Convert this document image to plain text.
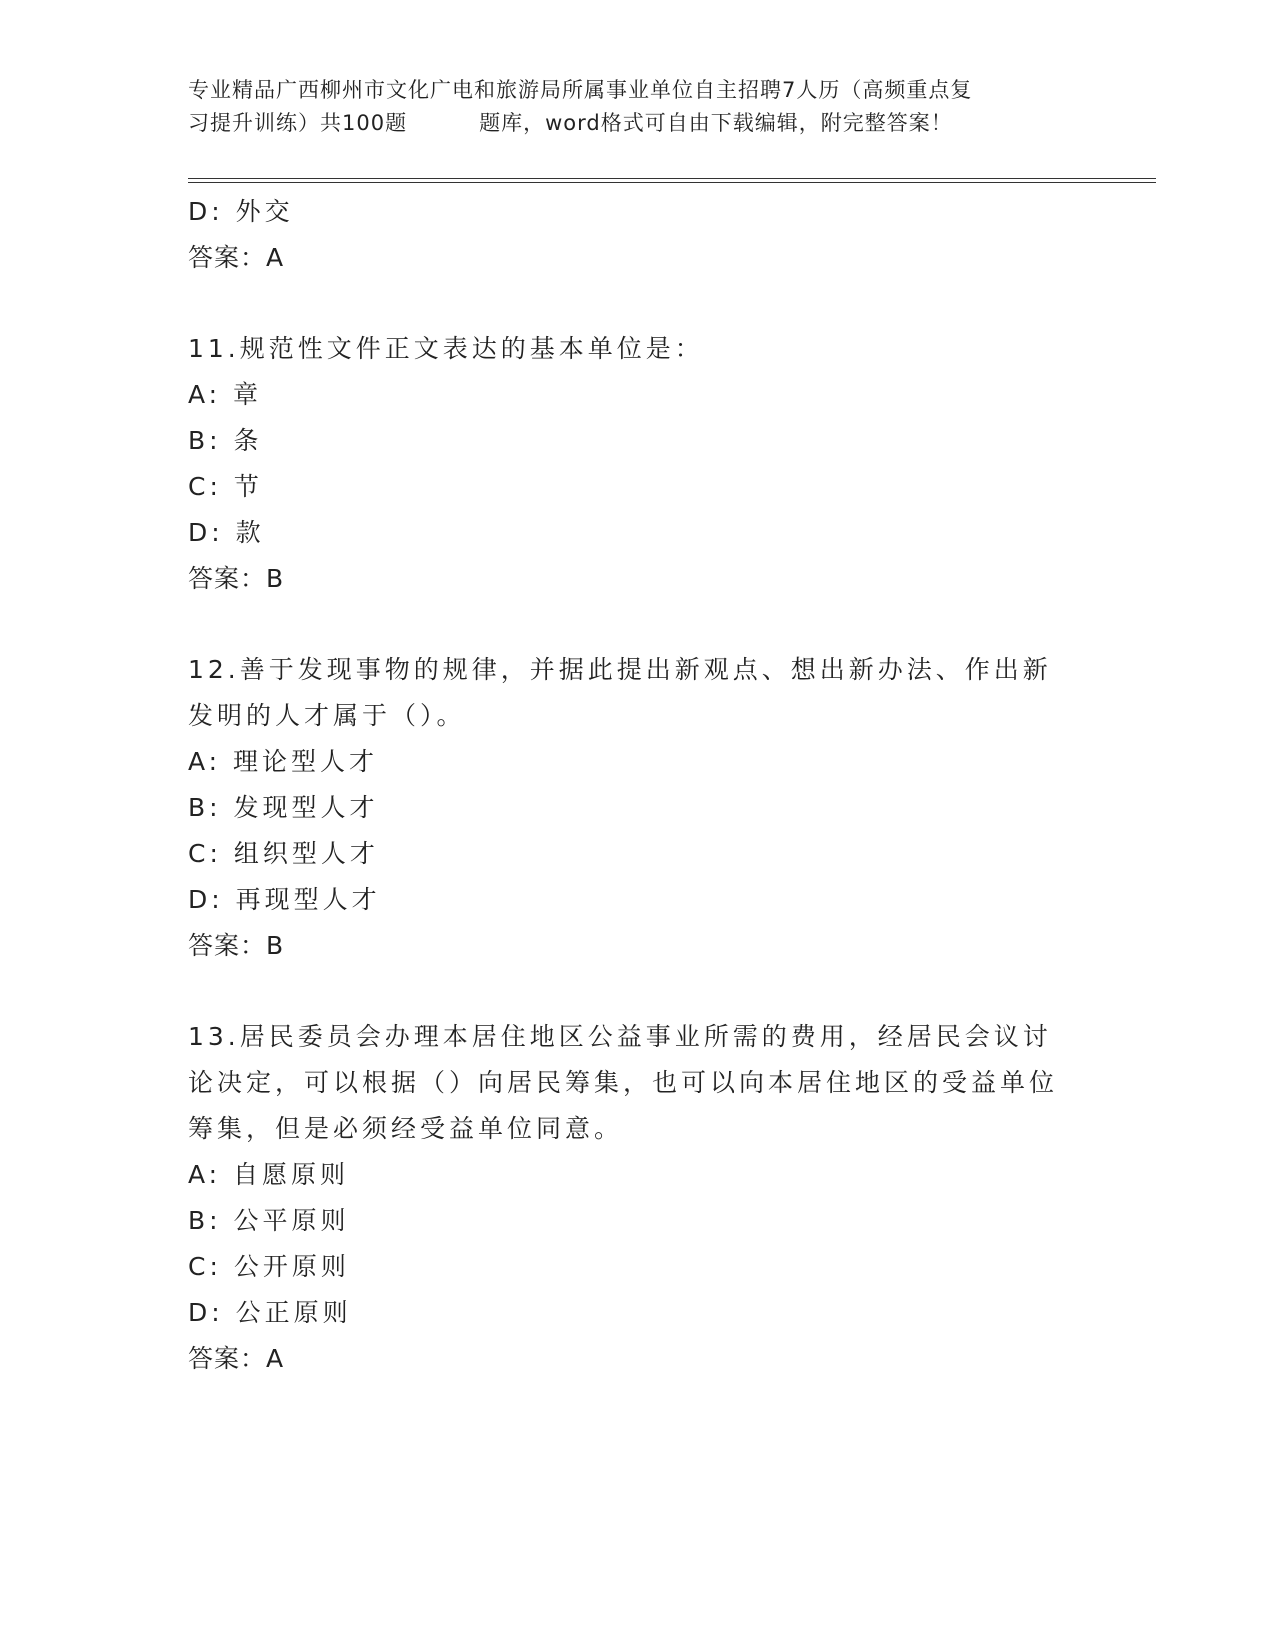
专业精品广西柳州市文化广电和旅游局所属事业单位自主招聘7人历（高频重点复
习提升训练）共100题	题库，word格式可自由下载编辑，附完整答案！
D: 外交
答案：A
11.规范性文件正文表达的基本单位是：
A: 章
B: 条
C: 节
D: 款
答案：B
12.善于发现事物的规律，并据此提出新观点、想出新办法、作出新发明的人才属于（）。
A: 理论型人才
B: 发现型人才
C: 组织型人才
D: 再现型人才
答案：B
13.居民委员会办理本居住地区公益事业所需的费用，经居民会议讨论决定，可以根据（）向居民筹集，也可以向本居住地区的受益单位筹集，但是必须经受益单位同意。
A: 自愿原则
B: 公平原则
C: 公开原则
D: 公正原则
答案：A
